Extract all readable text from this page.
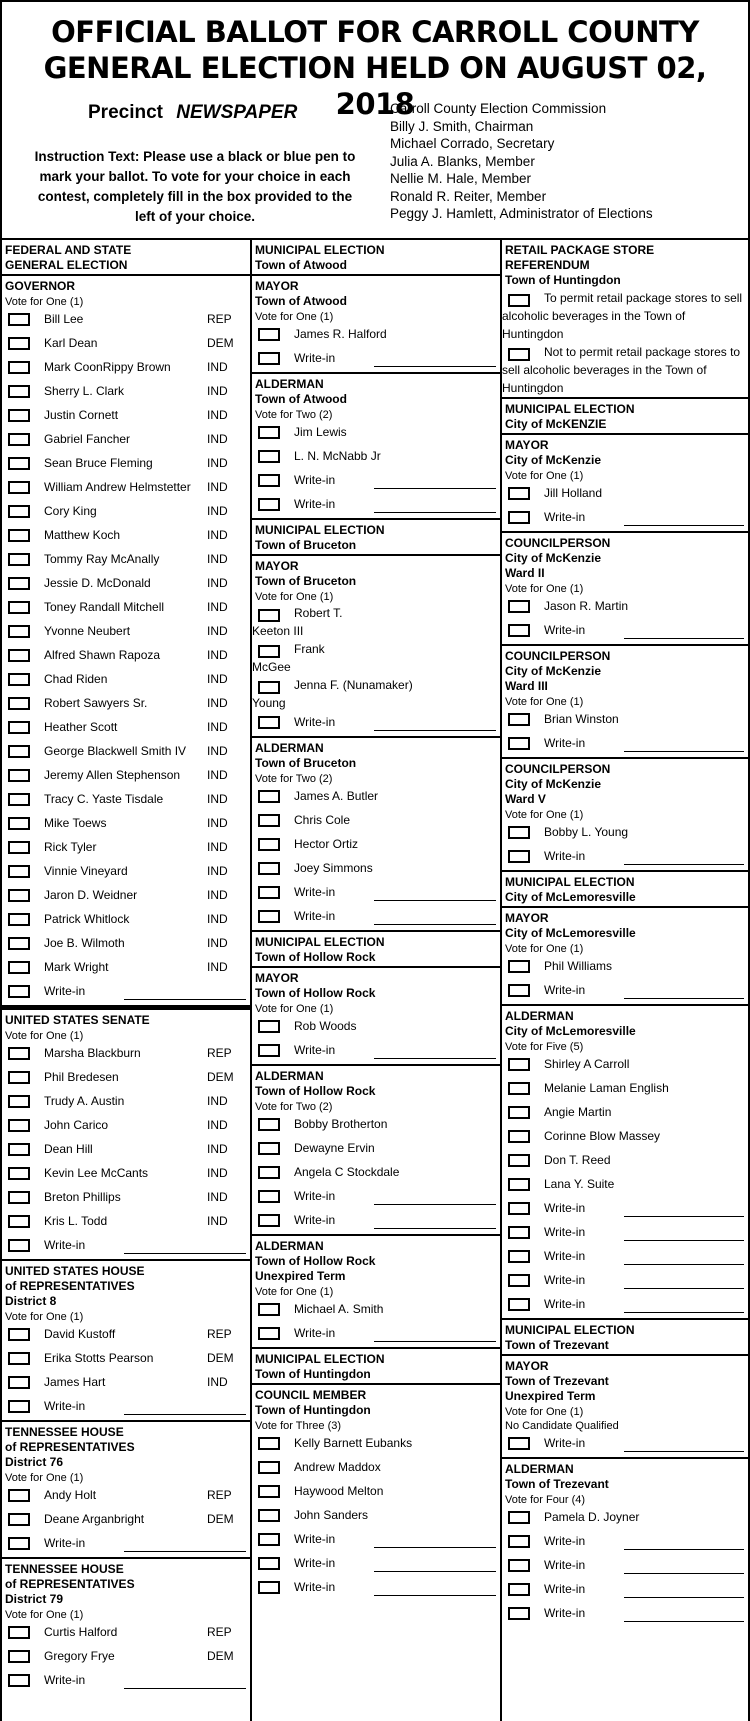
OFFICIAL BALLOT FOR CARROLL COUNTY
GENERAL ELECTION HELD ON AUGUST 02, 2018
Precinct NEWSPAPER
Instruction Text: Please use a black or blue pen to mark your ballot. To vote for your choice in each contest, completely fill in the box provided to the left of your choice.
Carroll County Election Commission
Billy J. Smith, Chairman
Michael Corrado, Secretary
Julia A. Blanks, Member
Nellie M. Hale, Member
Ronald R. Reiter, Member
Peggy J. Hamlett, Administrator of Elections
FEDERAL AND STATE
GENERAL ELECTION
GOVERNOR
Vote for One (1)
Bill Lee	REP
Karl Dean	DEM
Mark CoonRippy Brown	IND
Sherry L. Clark	IND
Justin Cornett	IND
Gabriel Fancher	IND
Sean Bruce Fleming	IND
William Andrew Helmstetter IND
Cory King	IND
Matthew Koch	IND
Tommy Ray McAnally	IND
Jessie D. McDonald	IND
Toney Randall Mitchell	IND
Yvonne Neubert	IND
Alfred Shawn Rapoza	IND
Chad Riden	IND
Robert Sawyers Sr.	IND
Heather Scott	IND
George Blackwell Smith IV IND
Jeremy Allen Stephenson IND
Tracy C. Yaste Tisdale	IND
Mike Toews	IND
Rick Tyler	IND
Vinnie Vineyard	IND
Jaron D. Weidner	IND
Patrick Whitlock	IND
Joe B. Wilmoth	IND
Mark Wright	IND
Write-in
UNITED STATES SENATE
Vote for One (1)
Marsha Blackburn	REP
Phil Bredesen	DEM
Trudy A. Austin	IND
John Carico	IND
Dean Hill	IND
Kevin Lee McCants	IND
Breton Phillips	IND
Kris L. Todd	IND
Write-in
UNITED STATES HOUSE
of REPRESENTATIVES
District 8
Vote for One (1)
David Kustoff	REP
Erika Stotts Pearson	DEM
James Hart	IND
Write-in
TENNESSEE HOUSE
of REPRESENTATIVES
District 76
Vote for One (1)
Andy Holt	REP
Deane Arganbright	DEM
Write-in
TENNESSEE HOUSE
of REPRESENTATIVES
District 79
Vote for One (1)
Curtis Halford	REP
Gregory Frye	DEM
Write-in
MUNICIPAL ELECTION
Town of Atwood
MAYOR
Town of Atwood
Vote for One (1)
James R. Halford
Write-in
ALDERMAN
Town of Atwood
Vote for Two (2)
Jim Lewis
L. N. McNabb Jr
Write-in
Write-in
MUNICIPAL ELECTION
Town of Bruceton
MAYOR
Town of Bruceton
Vote for One (1)
Robert T.
Keeton III
Frank
McGee
Jenna F. (Nunamaker)
Young
Write-in
ALDERMAN
Town of Bruceton
Vote for Two (2)
James A. Butler
Chris Cole
Hector Ortiz
Joey Simmons
Write-in
Write-in
MUNICIPAL ELECTION
Town of Hollow Rock
MAYOR
Town of Hollow Rock
Vote for One (1)
Rob Woods
Write-in
ALDERMAN
Town of Hollow Rock
Vote for Two (2)
Bobby Brotherton
Dewayne Ervin
Angela C Stockdale
Write-in
Write-in
ALDERMAN
Town of Hollow Rock
Unexpired Term
Vote for One (1)
Michael A. Smith
Write-in
MUNICIPAL ELECTION
Town of Huntingdon
COUNCIL MEMBER
Town of Huntingdon
Vote for Three (3)
Kelly Barnett Eubanks
Andrew Maddox
Haywood Melton
John Sanders
Write-in
Write-in
Write-in
RETAIL PACKAGE STORE
REFERENDUM
Town of Huntingdon
To permit retail package stores to sell alcoholic beverages in the Town of Huntingdon
Not to permit retail package stores to sell alcoholic beverages in the Town of Huntingdon
MUNICIPAL ELECTION
City of McKENZIE
MAYOR
City of McKenzie
Vote for One (1)
Jill Holland
Write-in
COUNCILPERSON
City of McKenzie
Ward II
Vote for One (1)
Jason R. Martin
Write-in
COUNCILPERSON
City of McKenzie
Ward III
Vote for One (1)
Brian Winston
Write-in
COUNCILPERSON
City of McKenzie
Ward V
Vote for One (1)
Bobby L. Young
Write-in
MUNICIPAL ELECTION
City of McLemoresville
MAYOR
City of McLemoresville
Vote for One (1)
Phil Williams
Write-in
ALDERMAN
City of McLemoresville
Vote for Five (5)
Shirley A Carroll
Melanie Laman English
Angie Martin
Corinne Blow Massey
Don T. Reed
Lana Y. Suite
Write-in
Write-in
Write-in
Write-in
Write-in
MUNICIPAL ELECTION
Town of Trezevant
MAYOR
Town of Trezevant
Unexpired Term
Vote for One (1)
No Candidate Qualified
Write-in
ALDERMAN
Town of Trezevant
Vote for Four (4)
Pamela D. Joyner
Write-in
Write-in
Write-in
Write-in
